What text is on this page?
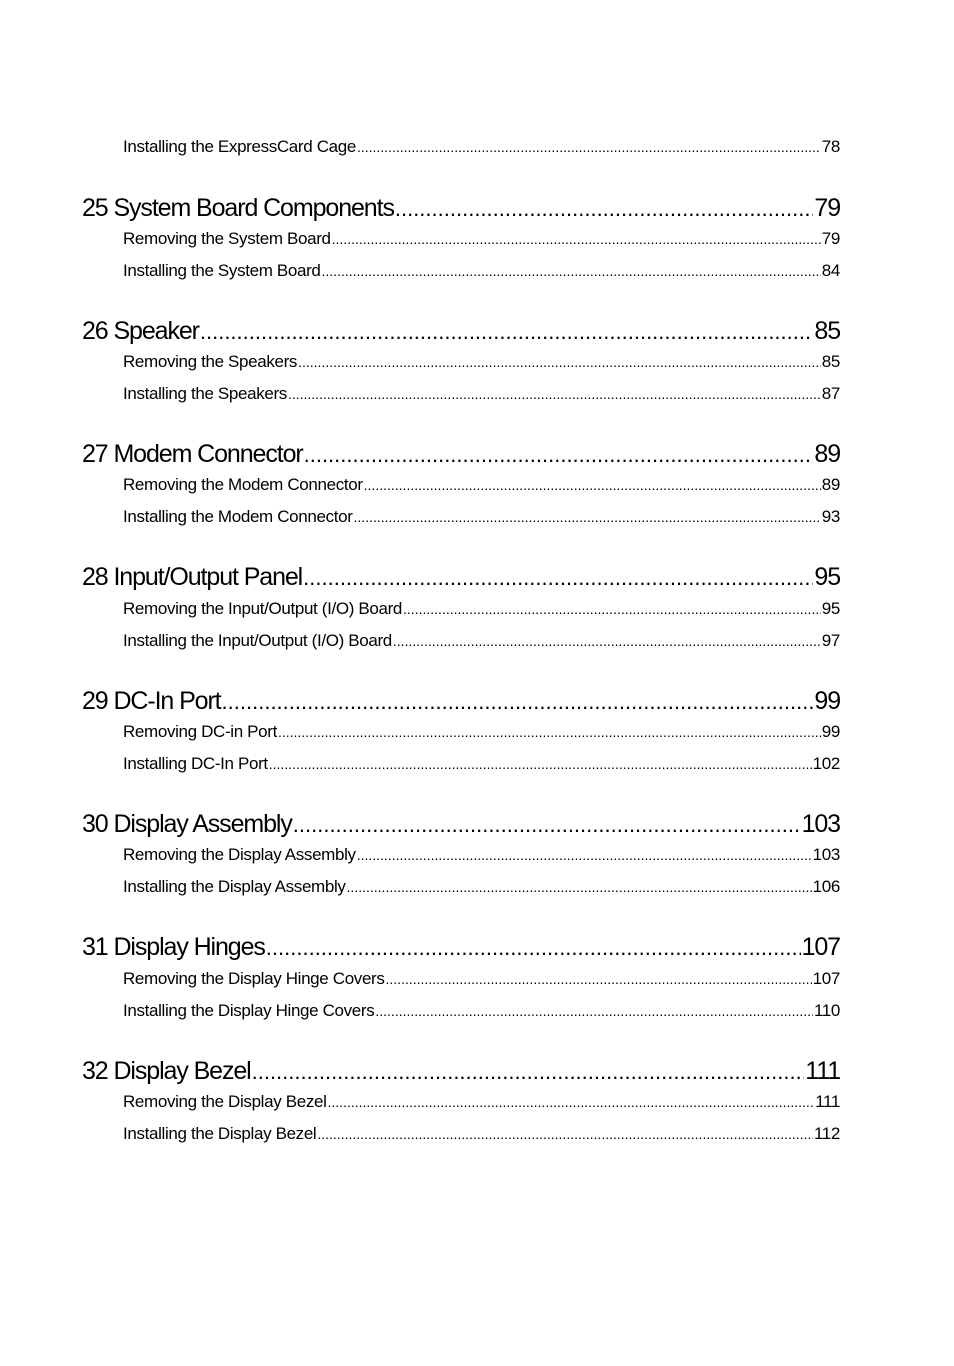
Installing the ExpressCard Cage .....	78
25 System Board Components .....	79
Removing the System Board .....	79
Installing the System Board .....	84
26 Speaker .....	85
Removing the Speakers .....	85
Installing the Speakers .....	87
27 Modem Connector .....	89
Removing the Modem Connector .....	89
Installing the Modem Connector .....	93
28 Input/Output Panel .....	95
Removing the Input/Output (I/O) Board .....	95
Installing the Input/Output (I/O) Board .....	97
29 DC-In Port .....	99
Removing DC-in Port .....	99
Installing DC-In Port .....	102
30 Display Assembly .....	103
Removing the Display Assembly .....	103
Installing the Display Assembly .....	106
31 Display Hinges .....	107
Removing the Display Hinge Covers .....	107
Installing the Display Hinge Covers .....	110
32 Display Bezel .....	111
Removing the Display Bezel .....	111
Installing the Display Bezel .....	112
